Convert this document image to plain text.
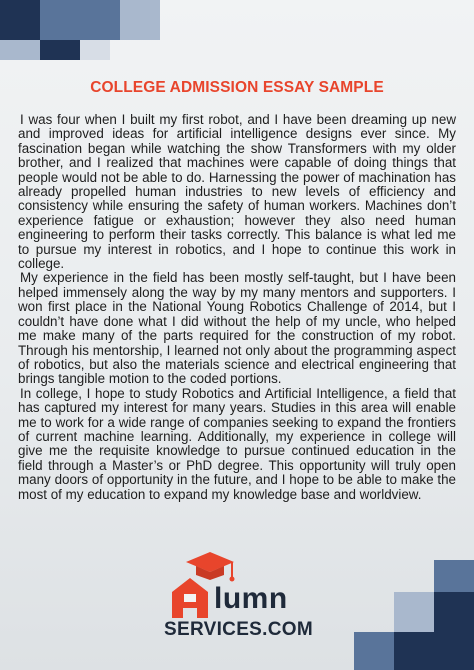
COLLEGE ADMISSION ESSAY SAMPLE

I was four when I built my first robot, and I have been dreaming up new and improved ideas for artificial intelligence designs ever since. My fascination began while watching the show Transformers with my older brother, and I realized that machines were capable of doing things that people would not be able to do. Harnessing the power of machination has already propelled human industries to new levels of efficiency and consistency while ensuring the safety of human workers. Machines don’t experience fatigue or exhaustion; however they also need human engineering to perform their tasks correctly. This balance is what led me to pursue my interest in robotics, and I hope to continue this work in college.

My experience in the field has been mostly self-taught, but I have been helped immensely along the way by my many mentors and supporters. I won first place in the National Young Robotics Challenge of 2014, but I couldn’t have done what I did without the help of my uncle, who helped me make many of the parts required for the construction of my robot. Through his mentorship, I learned not only about the programming aspect of robotics, but also the materials science and electrical engineering that brings tangible motion to the coded portions.

In college, I hope to study Robotics and Artificial Intelligence, a field that has captured my interest for many years. Studies in this area will enable me to work for a wide range of companies seeking to expand the frontiers of current machine learning. Additionally, my experience in college will give me the requisite knowledge to pursue continued education in the field through a Master’s or PhD degree. This opportunity will truly open many doors of opportunity in the future, and I hope to be able to make the most of my education to expand my knowledge base and worldview.

lumn

SERVICES.COM
